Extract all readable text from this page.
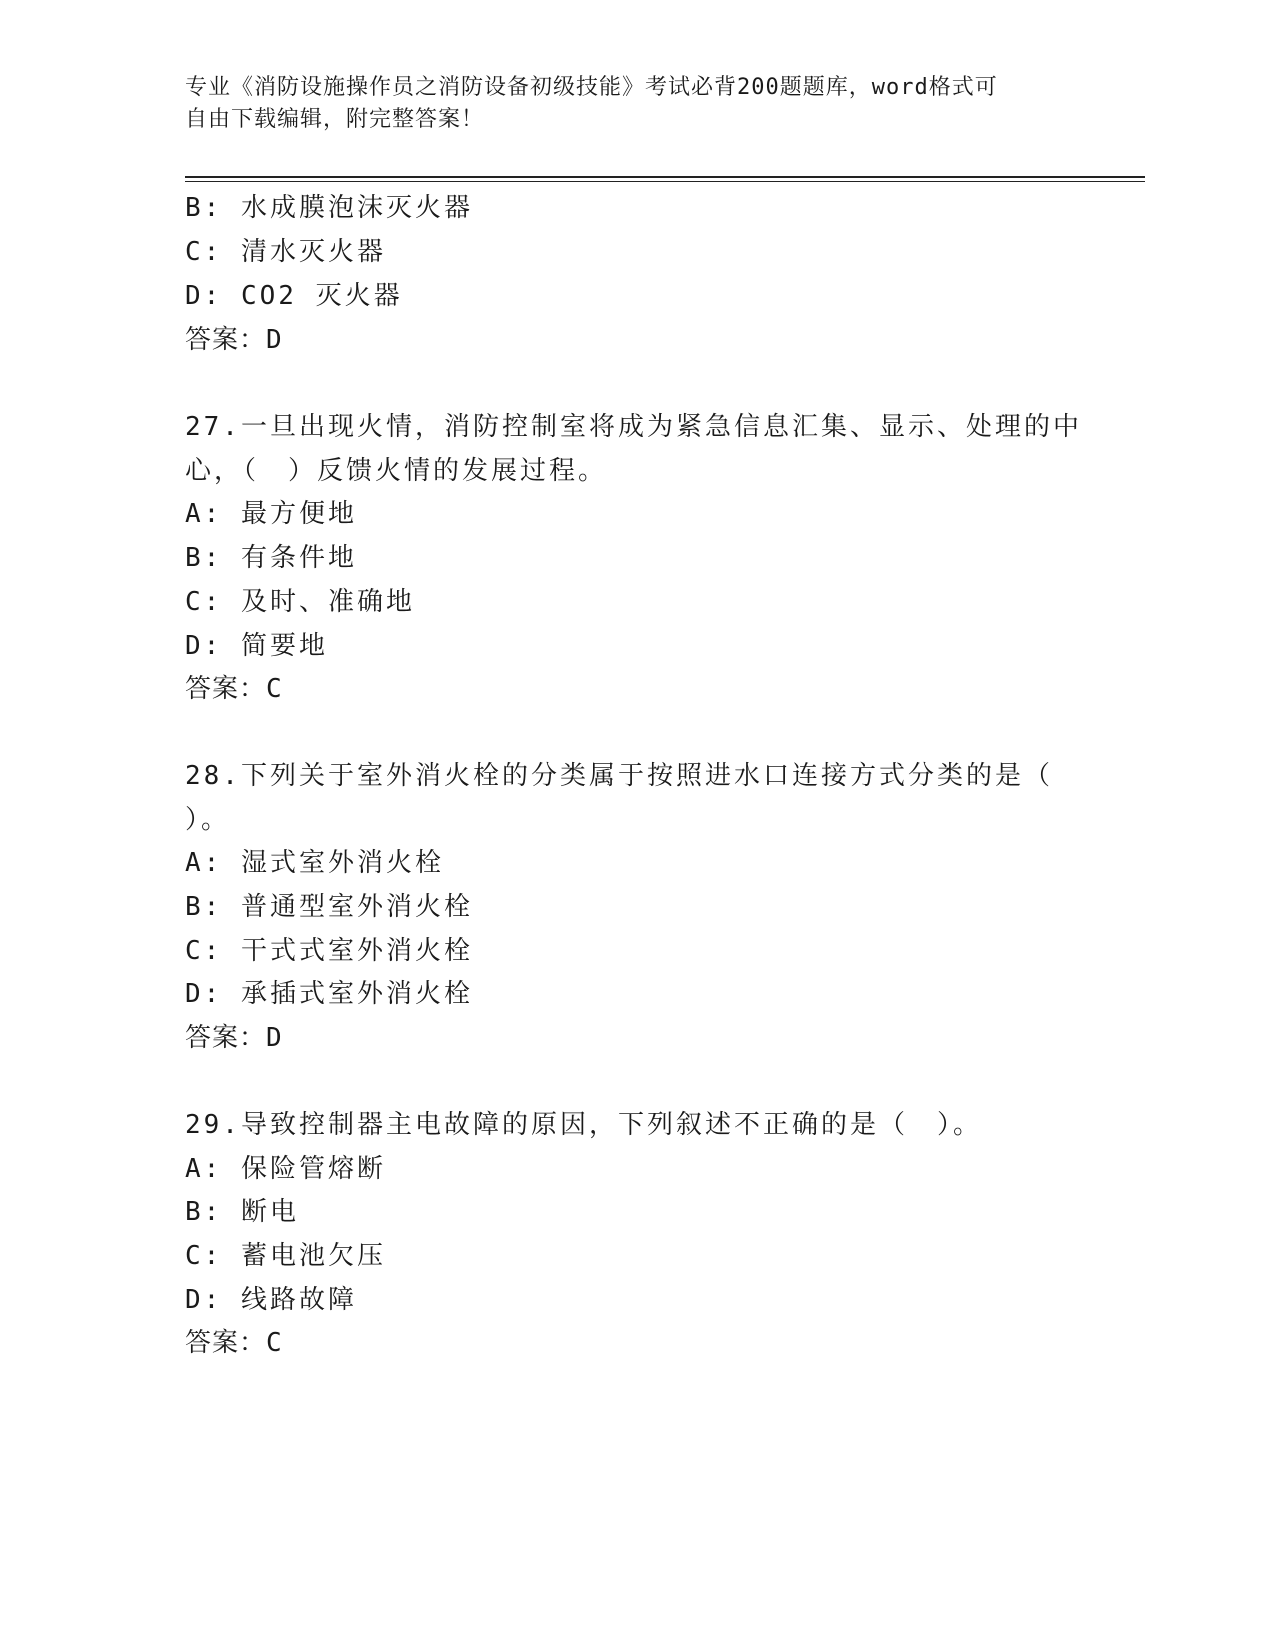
专业《消防设施操作员之消防设备初级技能》考试必背200题题库，word格式可
自由下载编辑，附完整答案！
B: 水成膜泡沫灭火器
C: 清水灭火器
D: CO2 灭火器
答案：D
27.一旦出现火情，消防控制室将成为紧急信息汇集、显示、处理的中
心，（　）反馈火情的发展过程。
A: 最方便地
B: 有条件地
C: 及时、准确地
D: 简要地
答案：C
28.下列关于室外消火栓的分类属于按照进水口连接方式分类的是（
）。
A: 湿式室外消火栓
B: 普通型室外消火栓
C: 干式式室外消火栓
D: 承插式室外消火栓
答案：D
29.导致控制器主电故障的原因，下列叙述不正确的是（　）。
A: 保险管熔断
B: 断电
C: 蓄电池欠压
D: 线路故障
答案：C
